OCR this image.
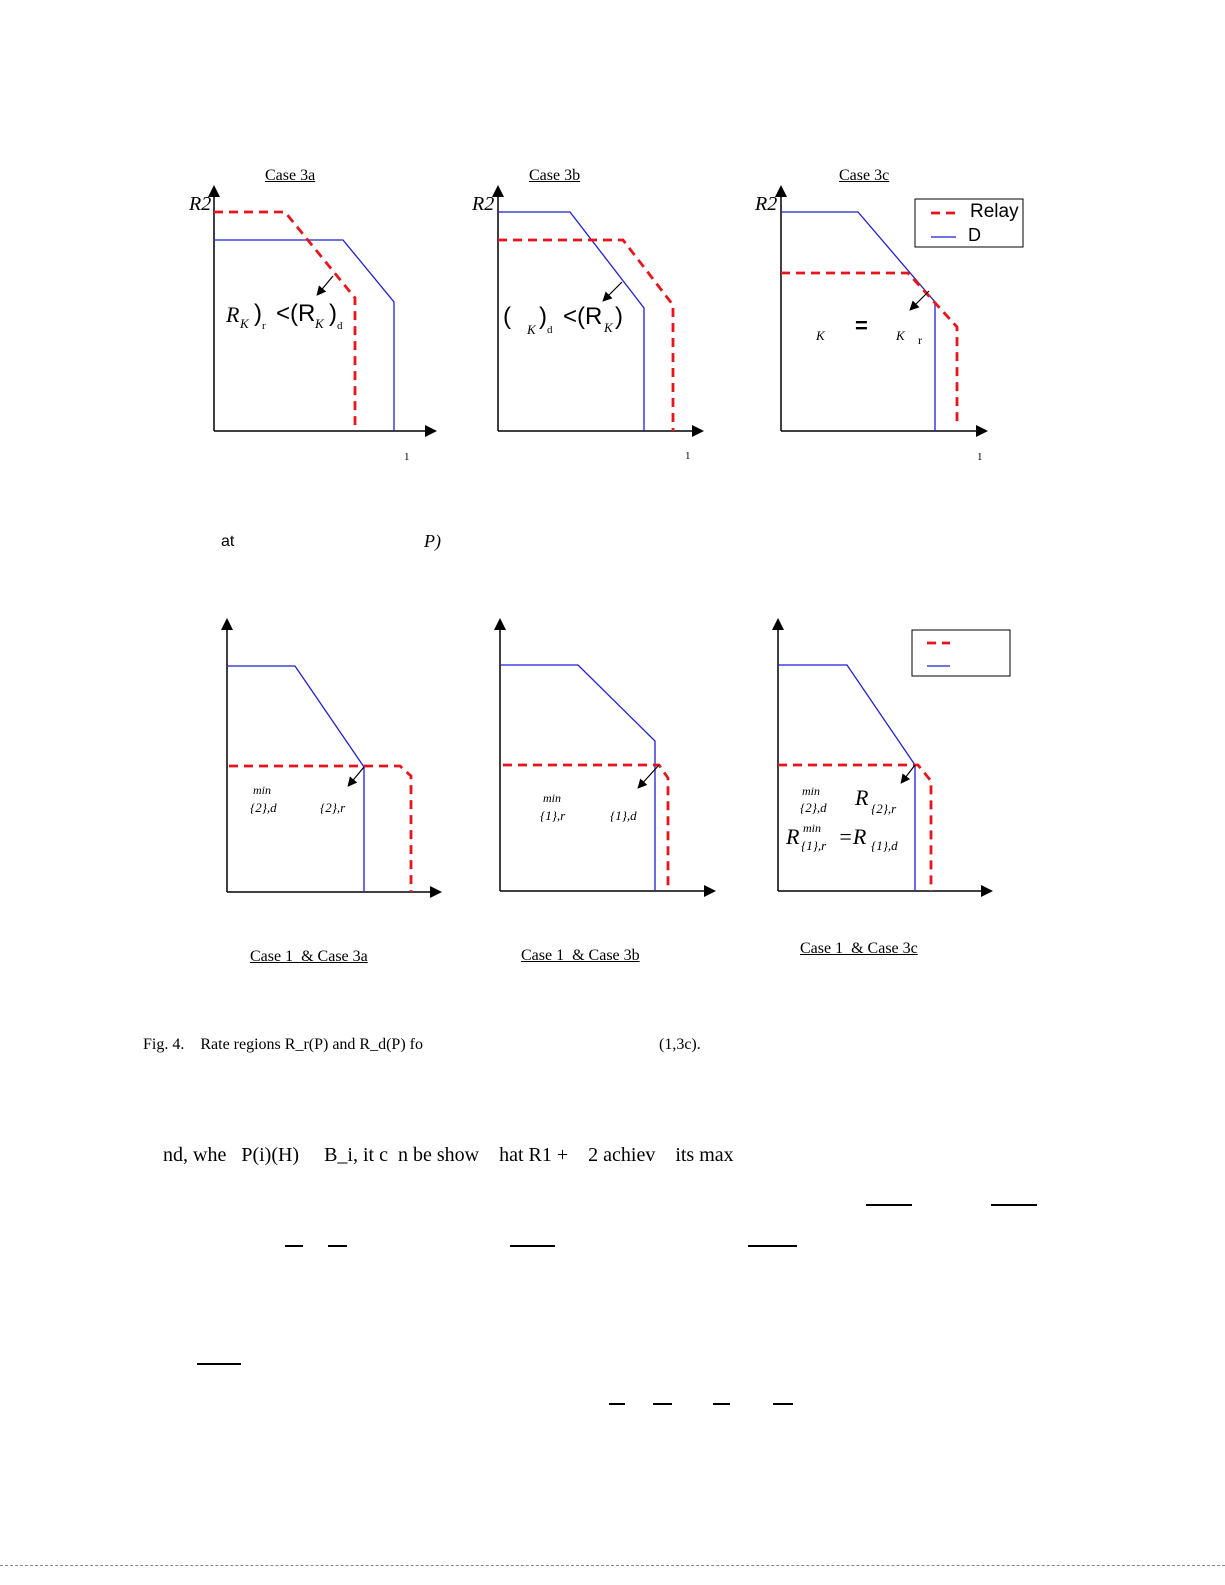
Case 3a	Case 3b	Case 3c
R2	R2	R2
1	1	1
R K ) r <(R K ) d	( K ) d <(R K )
K = K r
Relay
D
at	P)
min
{2},d	{2},r
min
{1},r	{1},d
min
{2},d R {2},r
R min
{1},r =R {1},d
Case 1  & Case 3a	Case 1  & Case 3b	Case 1  & Case 3c
Fig. 4.    Rate regions R_r(P) and R_d(P) fo	(1,3c).
nd, whe   P(i)(H)     B_i, it c  n be show    hat R1 +    2 achiev    its max
